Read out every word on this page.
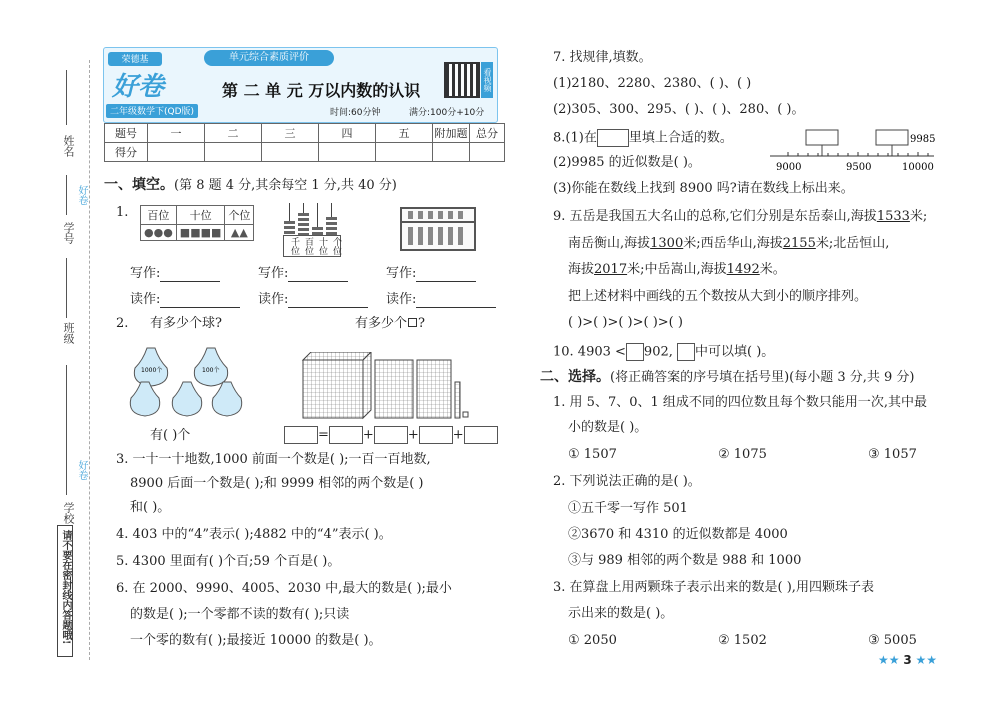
姓名
好卷
学号
班级
好卷
学校
请不要在密封线内答题哦!
荣德基
好卷
二年级数学下(QD版)
单元综合素质评价
第 二 单 元 万以内数的认识
时间:60分钟	满分:100分+10分
看视频
题号	一	二	三	四	五	附加题	总分
得分							
一、填空。(第 8 题 4 分,其余每空 1 分,共 40 分)
1. 百位	十位	个位
●●●	■■■■	▲▲
千位 百位 十位 个位
写作:	写作:	写作:
读作:	读作:	读作:
2. 有多少个球?	有多少个 ?
1000个	100个
有( )个	=	+	+	+
3. 一十一十地数,1000 前面一个数是( );一百一百地数,
8900 后面一个数是( );和 9999 相邻的两个数是( )
和( )。
4. 403 中的“4”表示( );4882 中的“4”表示( )。
5. 4300 里面有( )个百;59 个百是( )。
6. 在 2000、9990、4005、2030 中,最大的数是( );最小
的数是( );一个零都不读的数有( );只读
一个零的数有( );最接近 10000 的数是( )。
7. 找规律,填数。
(1)2180、2280、2380、( )、( )
(2)305、300、295、( )、( )、280、( )。
8.(1)在 里填上合适的数。
(2)9985 的近似数是( )。
(3)你能在数线上找到 8900 吗?请在数线上标出来。
9000	9500	10000
9985
9. 五岳是我国五大名山的总称,它们分别是东岳泰山,海拔1533米;
南岳衡山,海拔1300米;西岳华山,海拔2155米;北岳恒山,
海拔2017米;中岳嵩山,海拔1492米。
把上述材料中画线的五个数按从大到小的顺序排列。
( )>( )>( )>( )>( )
10. 4903 < 902, 中可以填( )。
二、选择。(将正确答案的序号填在括号里)(每小题 3 分,共 9 分)
1. 用 5、7、0、1 组成不同的四位数且每个数只能用一次,其中最
小的数是( )。
① 1507	② 1075	③ 1057
2. 下列说法正确的是( )。
①五千零一写作 501
②3670 和 4310 的近似数都是 4000
③与 989 相邻的两个数是 988 和 1000
3. 在算盘上用两颗珠子表示出来的数是( ),用四颗珠子表
示出来的数是( )。
① 2050	② 1502	③ 5005
★★ 3 ★★
